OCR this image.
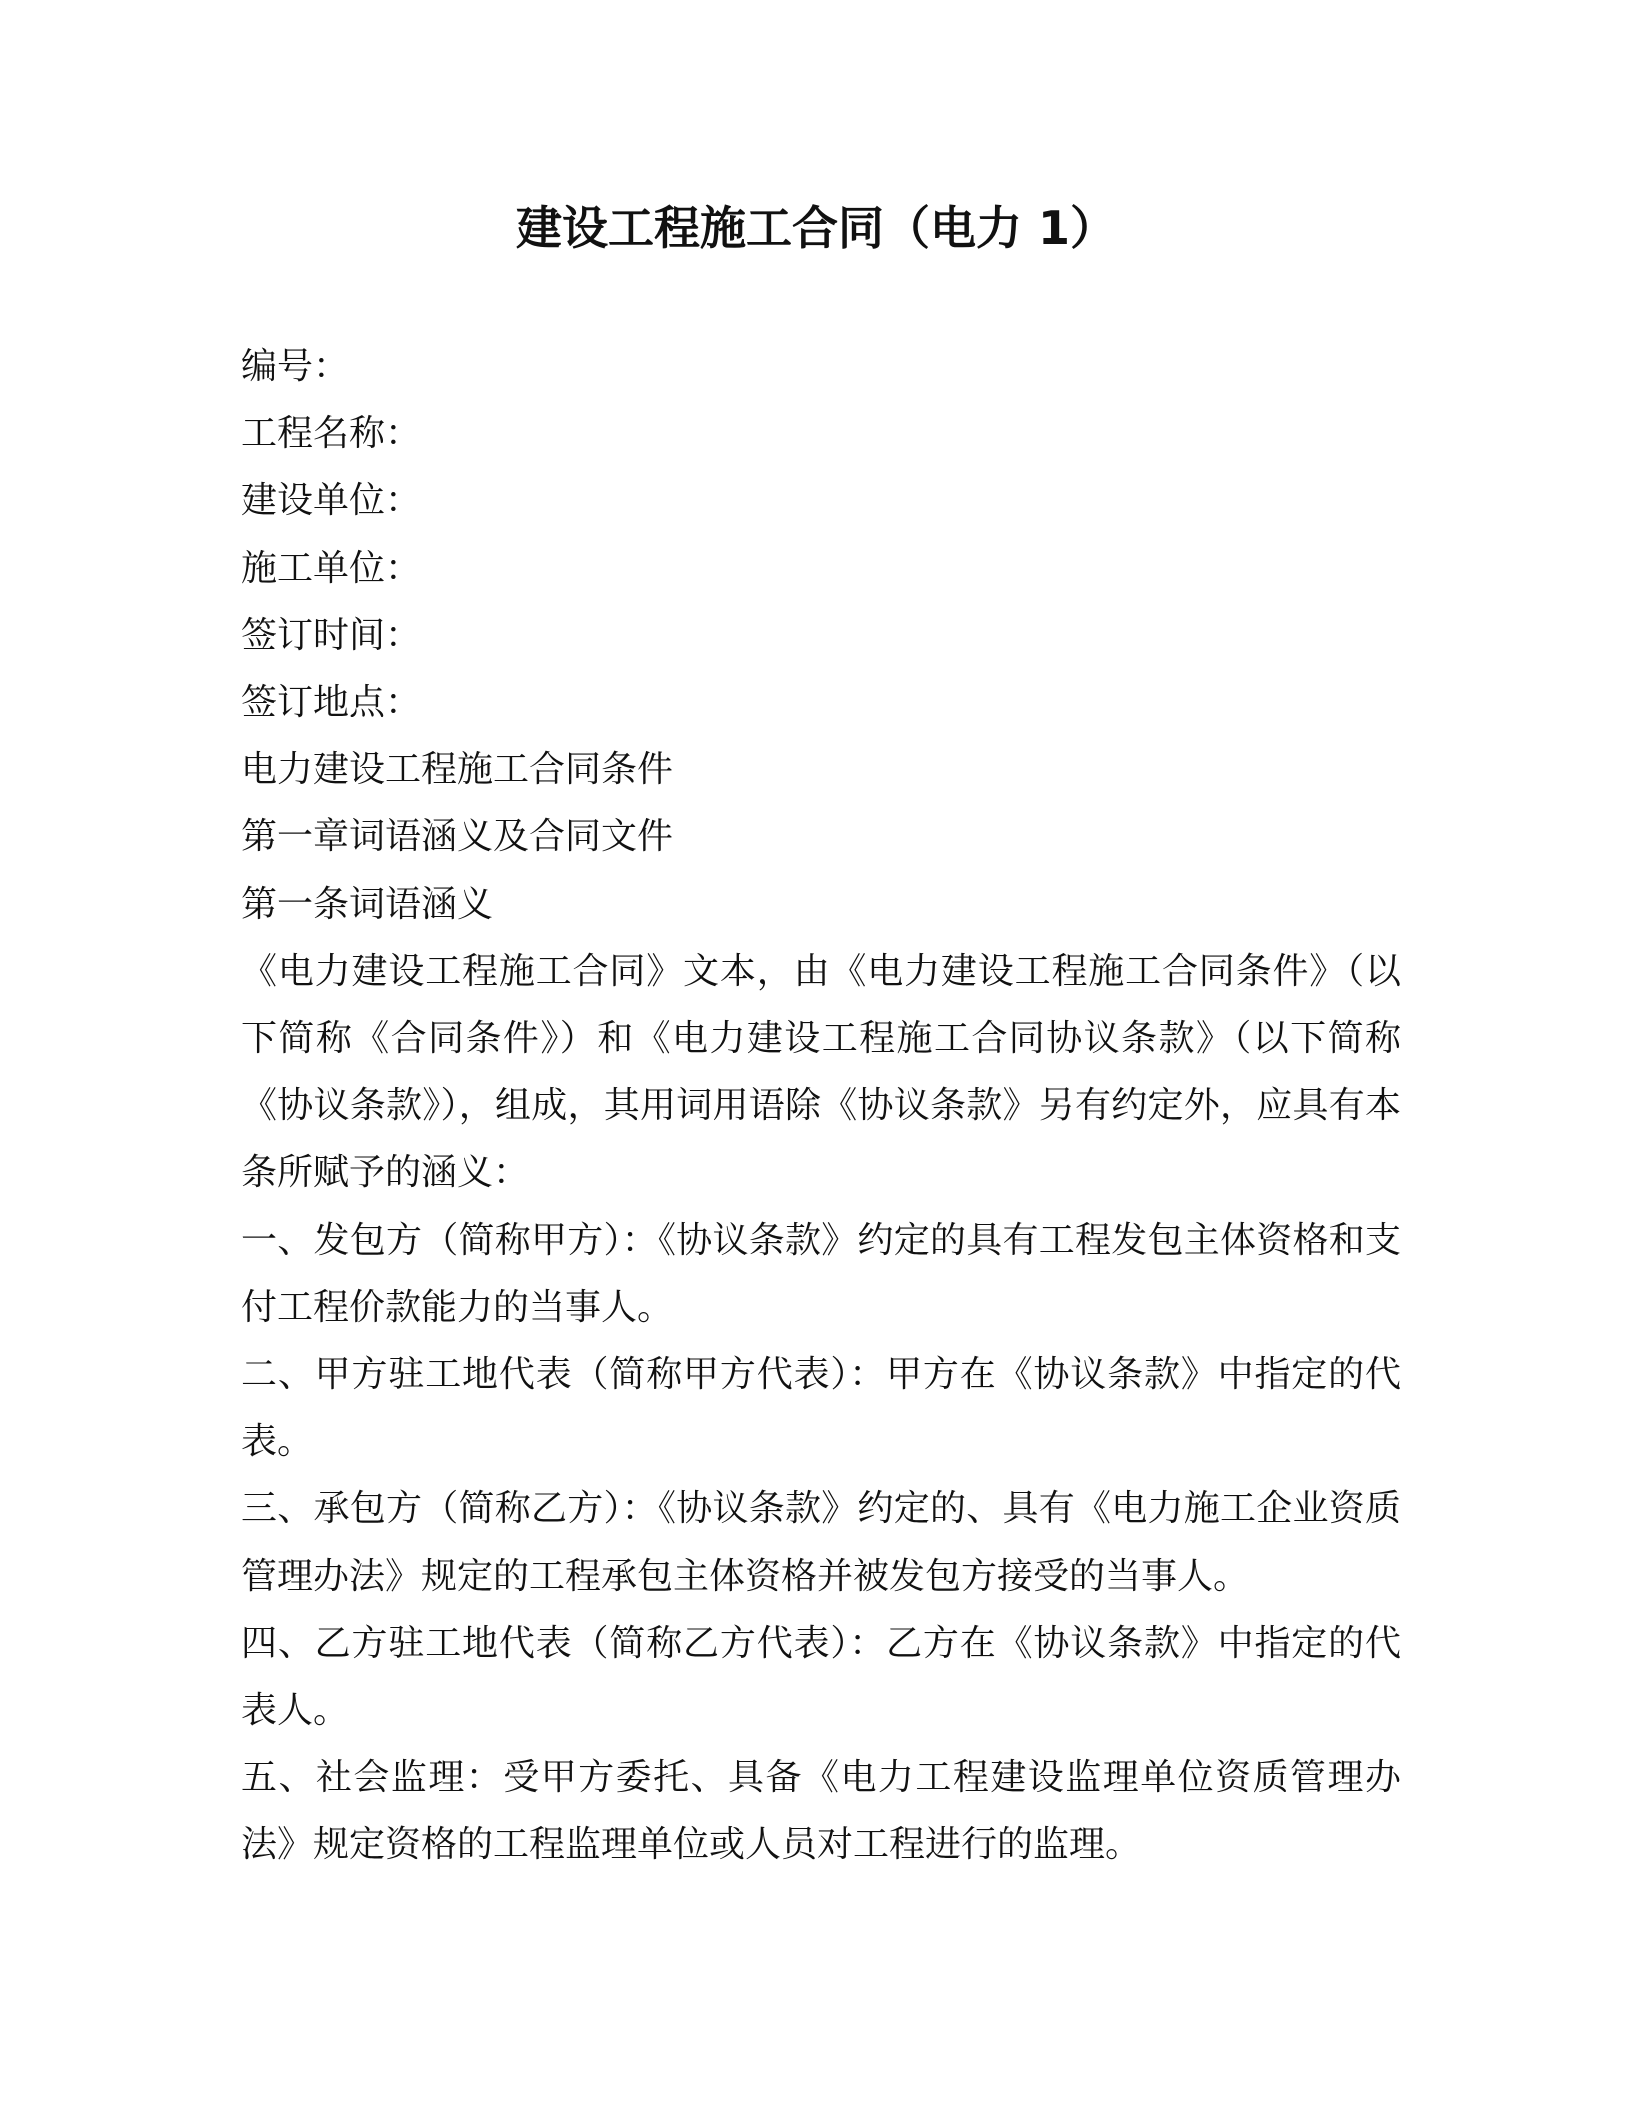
建设工程施工合同（电力 1）

编号：

工程名称：

建设单位：

施工单位：

签订时间：

签订地点：

电力建设工程施工合同条件

第一章词语涵义及合同文件

第一条词语涵义

《电力建设工程施工合同》文本，由《电力建设工程施工合同条件》（以下简称《合同条件》）和《电力建设工程施工合同协议条款》（以下简称《协议条款》），组成，其用词用语除《协议条款》另有约定外，应具有本条所赋予的涵义：

一、发包方（简称甲方）：《协议条款》约定的具有工程发包主体资格和支付工程价款能力的当事人。

二、甲方驻工地代表（简称甲方代表）：甲方在《协议条款》中指定的代表。

三、承包方（简称乙方）：《协议条款》约定的、具有《电力施工企业资质管理办法》规定的工程承包主体资格并被发包方接受的当事人。

四、乙方驻工地代表（简称乙方代表）：乙方在《协议条款》中指定的代表人。

五、社会监理：受甲方委托、具备《电力工程建设监理单位资质管理办法》规定资格的工程监理单位或人员对工程进行的监理。
